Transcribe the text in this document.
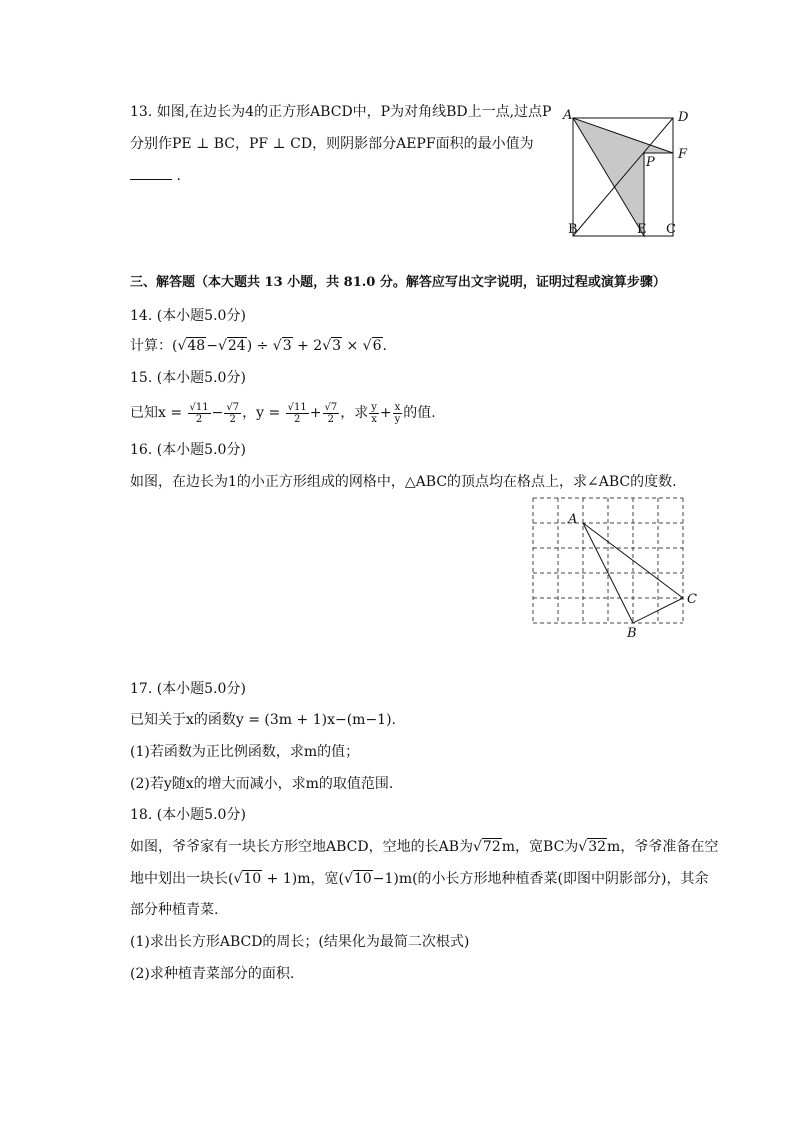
13. 如图,在边长为4的正方形ABCD中，P为对角线BD上一点,过点P
分别作PE ⊥ BC，PF ⊥ CD，则阴影部分AEPF面积的最小值为
.
A	D
P
F
B	E C
三、解答题（本大题共 13 小题，共 81.0 分。解答应写出文字说明，证明过程或演算步骤）
14. (本小题5.0分)
计算：(√48−√24) ÷ √3 + 2√3 × √6.
15. (本小题5.0分)
已知$x = \frac{√11}{2} - \frac{√7}{2}$ ，$y = \frac{√11}{2} + \frac{√7}{2}$ ，求 $\frac{y}{x} + \frac{x}{y}$ 的值.
16. (本小题5.0分)
如图，在边长为1的小正方形组成的网格中，△ABC的顶点均在格点上，求∠ABC的度数.
A
B
C
17. (本小题5.0分)
已知关于x的函数y = (3m + 1)x−(m−1).
(1)若函数为正比例函数，求m的值；
(2)若y随x的增大而减小，求m的取值范围.
18. (本小题5.0分)
如图，爷爷家有一块长方形空地ABCD，空地的长AB为√72m，宽BC为√32m，爷爷准备在空
地中划出一块长(√10 + 1)m，宽(√10−1)m(的小长方形地种植香菜(即图中阴影部分)，其余
部分种植青菜.
(1)求出长方形ABCD的周长；(结果化为最简二次根式)
(2)求种植青菜部分的面积.
